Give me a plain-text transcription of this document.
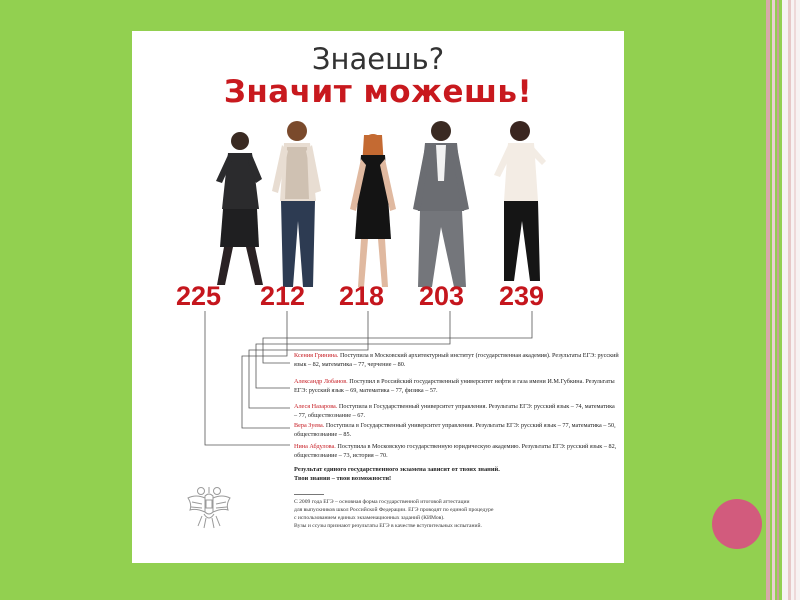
Знаешь?
Значит можешь!
225 212 218 203 239
Ксения Гринина. Поступила в Московский архитектурный институт (государственная академия). Результаты ЕГЭ: русский язык – 82, математика – 77, черчение – 80.
Александр Лобанов. Поступил в Российский государственный университет нефти и газа имени И.М.Губкина. Результаты ЕГЭ: русский язык – 69, математика – 77, физика – 57.
Алеся Назарова. Поступила в Государственный университет управления. Результаты ЕГЭ: русский язык – 74, математика – 77, обществознание – 67.
Вера Зуева. Поступила в Государственный университет управления. Результаты ЕГЭ: русский язык – 77, математика – 50, обществознание – 85.
Нина Абдулова. Поступила в Московскую государственную юридическую академию. Результаты ЕГЭ: русский язык – 82, обществознание – 73, история – 70.
Результат единого государственного экзамена зависит от твоих знаний.
Твои знания – твои возможности!
С 2009 года ЕГЭ – основная форма государственной итоговой аттестации
для выпускников школ Российской Федерации. ЕГЭ проводят по единой процедуре
с использованием единых экзаменационных заданий (КИМов).
Вузы и ссузы признают результаты ЕГЭ в качестве вступительных испытаний.
